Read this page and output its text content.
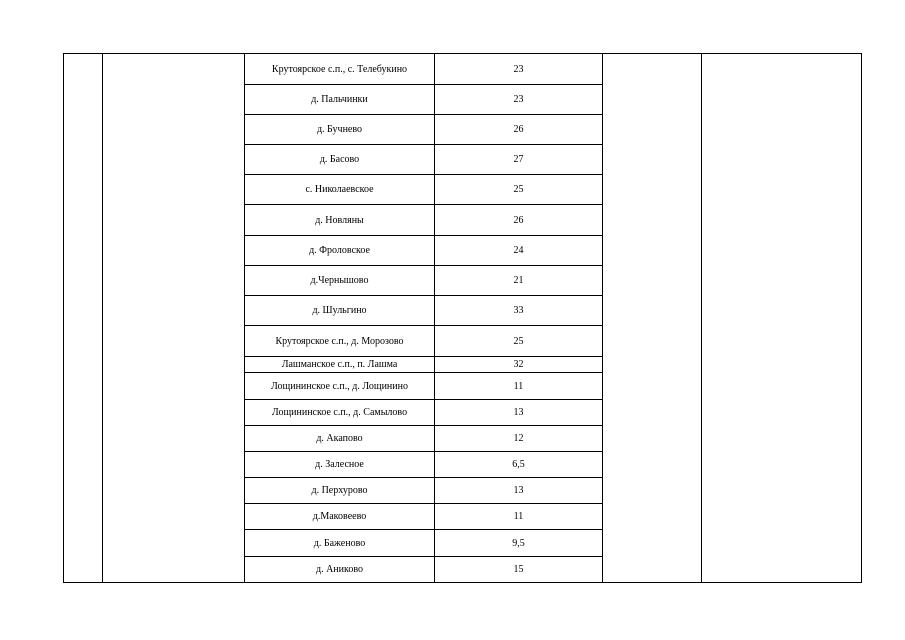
		Крутоярское с.п., с. Телебукино	23		
		д. Пальчинки	23		
		д. Бучнево	26		
		д. Басово	27		
		с. Николаевское	25		
		д. Новляны	26		
		д. Фроловское	24		
		д.Чернышово	21		
		д. Шульгино	33		
		Крутоярское с.п., д. Морозово	25		
		Лашманское с.п., п. Лашма	32		
		Лощининское с.п., д. Лощинино	11		
		Лощининское с.п., д. Самылово	13		
		д. Акапово	12		
		д. Залесное	6,5		
		д. Перхурово	13		
		д.Маковеево	11		
		д. Баженово	9,5		
		д. Аниково	15		
